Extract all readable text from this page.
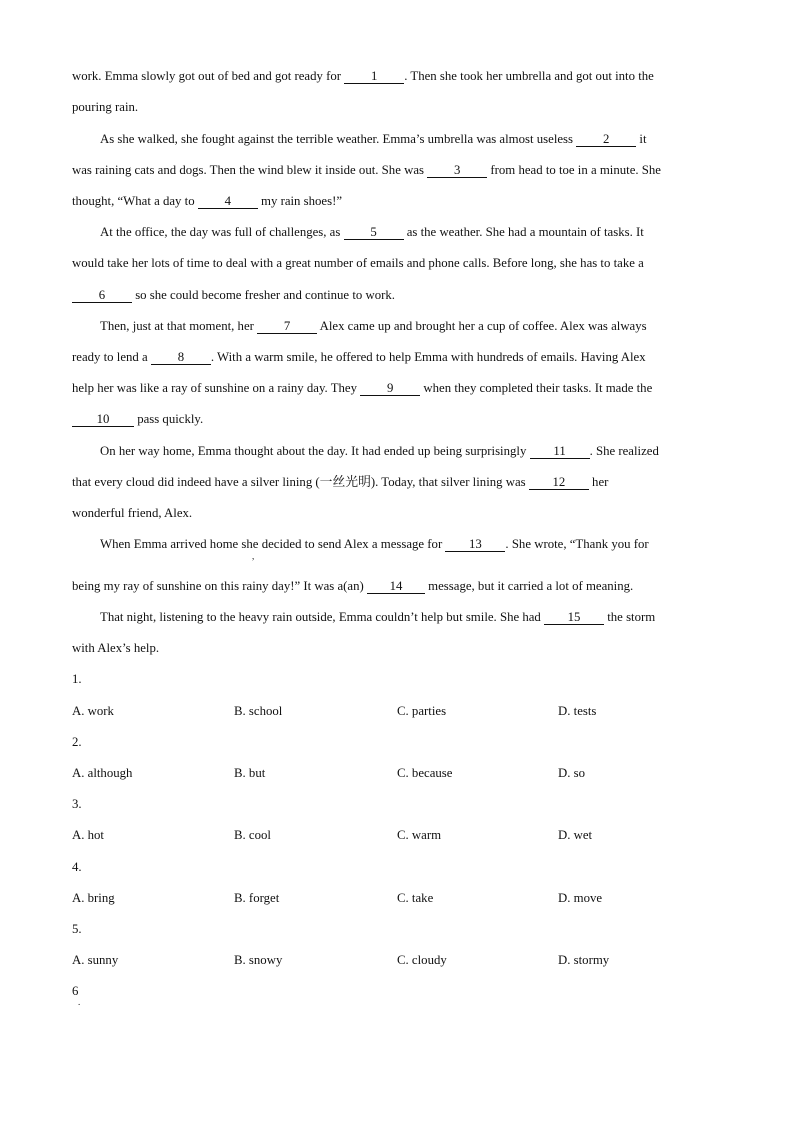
work. Emma slowly got out of bed and got ready for 1 . Then she took her umbrella and got out into the
pouring rain.
As she walked, she fought against the terrible weather. Emma’s umbrella was almost useless 2 it
was raining cats and dogs. Then the wind blew it inside out. She was 3 from head to toe in a minute. She
thought, “What a day to 4 my rain shoes!”
At the office, the day was full of challenges, as 5 as the weather. She had a mountain of tasks. It
would take her lots of time to deal with a great number of emails and phone calls. Before long, she has to take a
6 so she could become fresher and continue to work.
Then, just at that moment, her 7 Alex came up and brought her a cup of coffee. Alex was always
ready to lend a 8 . With a warm smile, he offered to help Emma with hundreds of emails. Having Alex
help her was like a ray of sunshine on a rainy day. They 9 when they completed their tasks. It made the
10 pass quickly.
On her way home, Emma thought about the day. It had ended up being surprisingly 11 . She realized
that every cloud did indeed have a silver lining (一丝光明). Today, that silver lining was 12 her
wonderful friend, Alex.
When Emma arrived home she decided to send Alex a message for 13 . She wrote, “Thank you for
,
being my ray of sunshine on this rainy day!” It was a(an) 14 message, but it carried a lot of meaning.
That night, listening to the heavy rain outside, Emma couldn’t help but smile. She had 15 the storm
with Alex’s help.
1.
A. work	B. school	C. parties	D. tests
2.
A. although	B. but	C. because	D. so
3.
A. hot	B. cool	C. warm	D. wet
4.
A. bring	B. forget	C. take	D. move
5.
A. sunny	B. snowy	C. cloudy	D. stormy
6
.
